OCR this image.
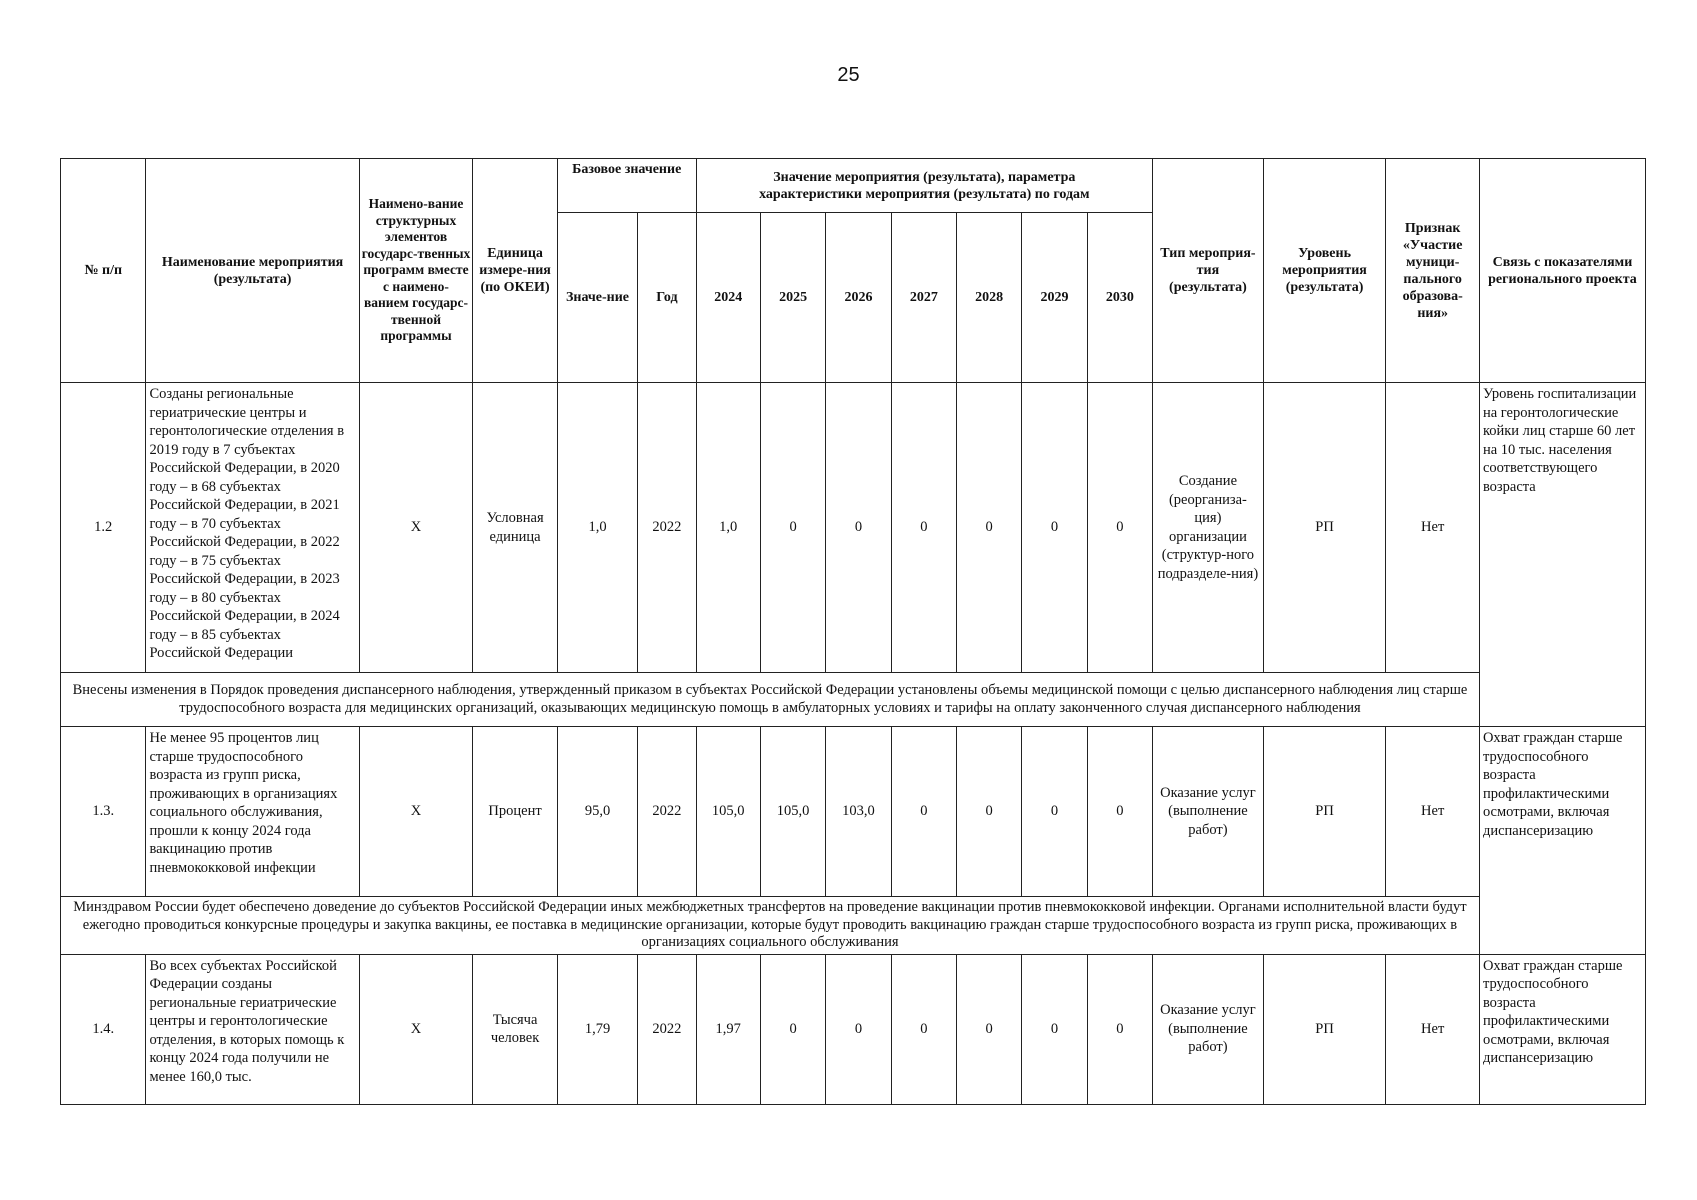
25
№ п/п	Наименование мероприятия (результата)	Наимено-вание структурных элементов государс-твенных программ вместе с наимено-ванием государс-твенной программы	Единица измере-ния (по ОКЕИ)	Базовое значение		Значение мероприятия (результата), параметра характеристики мероприятия (результата) по годам							Тип мероприя-тия (результата)	Уровень мероприятия (результата)	Признак «Участие муници-пального образова-ния»	Связь с показателями регионального проекта
				Значе-ние	Год	2024	2025	2026	2027	2028	2029	2030				
1.2	Созданы региональные гериатрические центры и геронтологические отделения в 2019 году в 7 субъектах Российской Федерации, в 2020 году – в 68 субъектах Российской Федерации, в 2021 году – в 70 субъектах Российской Федерации, в 2022 году – в 75 субъектах Российской Федерации, в 2023 году – в 80 субъектах Российской Федерации, в 2024 году – в 85 субъектах Российской Федерации	X	Условная единица	1,0	2022	1,0	0	0	0	0	0	0	Создание (реорганиза-ция) организации (структур-ного подразделе-ния)	РП	Нет	Уровень госпитализации на геронтологические койки лиц старше 60 лет на 10 тыс. населения соответствующего возраста
Внесены изменения в Порядок проведения диспансерного наблюдения, утвержденный приказом в субъектах Российской Федерации установлены объемы медицинской помощи с целью диспансерного наблюдения лиц старше трудоспособного возраста для медицинских организаций, оказывающих медицинскую помощь в амбулаторных условиях и тарифы на оплату законченного случая диспансерного наблюдения																
1.3.	Не менее 95 процентов лиц старше трудоспособного возраста из групп риска, проживающих в организациях социального обслуживания, прошли к концу 2024 года вакцинацию против пневмококковой инфекции	X	Процент	95,0	2022	105,0	105,0	103,0	0	0	0	0	Оказание услуг (выполнение работ)	РП	Нет	Охват граждан старше трудоспособного возраста профилактическими осмотрами, включая диспансеризацию
Минздравом России будет обеспечено доведение до субъектов Российской Федерации иных межбюджетных трансфертов на проведение вакцинации против пневмококковой инфекции. Органами исполнительной власти будут ежегодно проводиться конкурсные процедуры и закупка вакцины, ее поставка в медицинские организации, которые будут проводить вакцинацию граждан старше трудоспособного возраста из групп риска, проживающих в организациях социального обслуживания																
1.4.	Во всех субъектах Российской Федерации созданы региональные гериатрические центры и геронтологические отделения, в которых помощь к концу 2024 года получили не менее 160,0 тыс.	X	Тысяча человек	1,79	2022	1,97	0	0	0	0	0	0	Оказание услуг (выполнение работ)	РП	Нет	Охват граждан старше трудоспособного возраста профилактическими осмотрами, включая диспансеризацию
